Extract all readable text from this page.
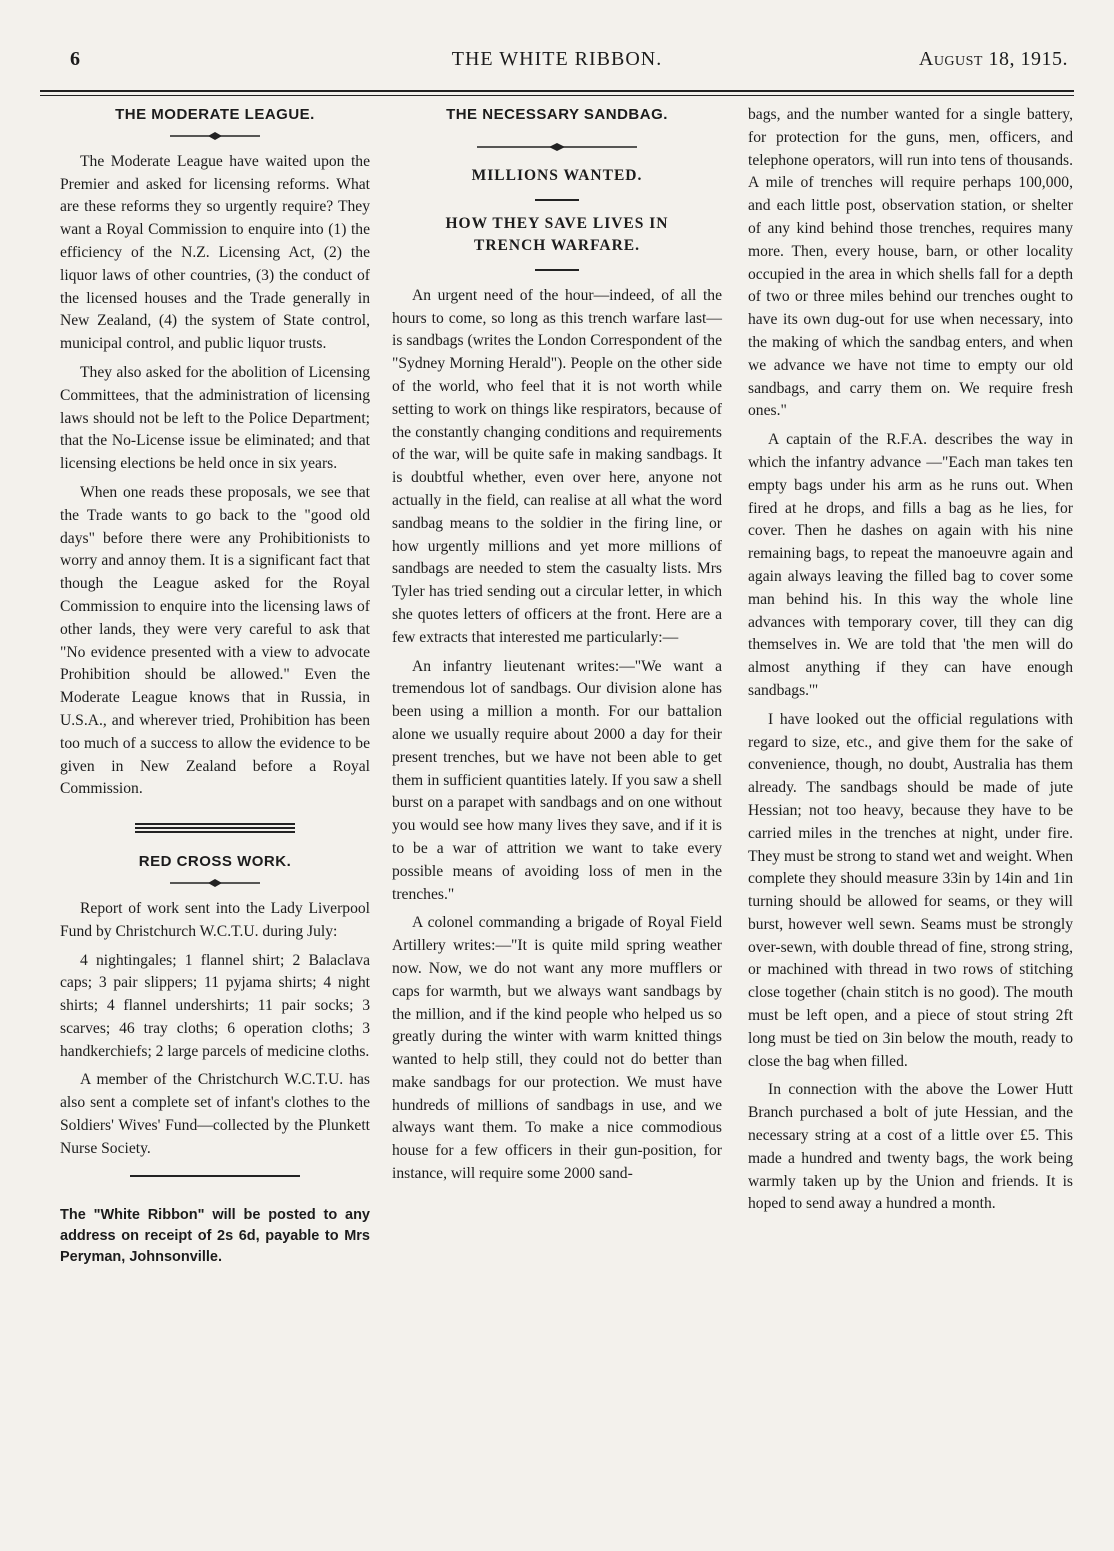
6	THE WHITE RIBBON.	August 18, 1915.
THE MODERATE LEAGUE.

The Moderate League have waited upon the Premier and asked for licensing reforms. What are these reforms they so urgently require? They want a Royal Commission to enquire into (1) the efficiency of the N.Z. Licensing Act, (2) the liquor laws of other countries, (3) the conduct of the licensed houses and the Trade generally in New Zealand, (4) the system of State control, municipal control, and public liquor trusts.

They also asked for the abolition of Licensing Committees, that the administration of licensing laws should not be left to the Police Department; that the No-License issue be eliminated; and that licensing elections be held once in six years.

When one reads these proposals, we see that the Trade wants to go back to the "good old days" before there were any Prohibitionists to worry and annoy them. It is a significant fact that though the League asked for the Royal Commission to enquire into the licensing laws of other lands, they were very careful to ask that "No evidence presented with a view to advocate Prohibition should be allowed." Even the Moderate League knows that in Russia, in U.S.A., and wherever tried, Prohibition has been too much of a success to allow the evidence to be given in New Zealand before a Royal Commission.

RED CROSS WORK.

Report of work sent into the Lady Liverpool Fund by Christchurch W.C.T.U. during July:

4 nightingales; 1 flannel shirt; 2 Balaclava caps; 3 pair slippers; 11 pyjama shirts; 4 night shirts; 4 flannel undershirts; 11 pair socks; 3 scarves; 46 tray cloths; 6 operation cloths; 3 handkerchiefs; 2 large parcels of medicine cloths.

A member of the Christchurch W.C.T.U. has also sent a complete set of infant's clothes to the Soldiers' Wives' Fund—collected by the Plunkett Nurse Society.

The "White Ribbon" will be posted to any address on receipt of 2s 6d, payable to Mrs Peryman, Johnsonville.

THE NECESSARY SANDBAG.
MILLIONS WANTED.
HOW THEY SAVE LIVES IN
TRENCH WARFARE.

An urgent need of the hour—indeed, of all the hours to come, so long as this trench warfare last—is sandbags (writes the London Correspondent of the "Sydney Morning Herald"). People on the other side of the world, who feel that it is not worth while setting to work on things like respirators, because of the constantly changing conditions and requirements of the war, will be quite safe in making sandbags. It is doubtful whether, even over here, anyone not actually in the field, can realise at all what the word sandbag means to the soldier in the firing line, or how urgently millions and yet more millions of sandbags are needed to stem the casualty lists. Mrs Tyler has tried sending out a circular letter, in which she quotes letters of officers at the front. Here are a few extracts that interested me particularly:—

An infantry lieutenant writes:—"We want a tremendous lot of sandbags. Our division alone has been using a million a month. For our battalion alone we usually require about 2000 a day for their present trenches, but we have not been able to get them in sufficient quantities lately. If you saw a shell burst on a parapet with sandbags and on one without you would see how many lives they save, and if it is to be a war of attrition we want to take every possible means of avoiding loss of men in the trenches."

A colonel commanding a brigade of Royal Field Artillery writes:—"It is quite mild spring weather now. Now, we do not want any more mufflers or caps for warmth, but we always want sandbags by the million, and if the kind people who helped us so greatly during the winter with warm knitted things wanted to help still, they could not do better than make sandbags for our protection. We must have hundreds of millions of sandbags in use, and we always want them. To make a nice commodious house for a few officers in their gun-position, for instance, will require some 2000 sand-

bags, and the number wanted for a single battery, for protection for the guns, men, officers, and telephone operators, will run into tens of thousands. A mile of trenches will require perhaps 100,000, and each little post, observation station, or shelter of any kind behind those trenches, requires many more. Then, every house, barn, or other locality occupied in the area in which shells fall for a depth of two or three miles behind our trenches ought to have its own dug-out for use when necessary, into the making of which the sandbag enters, and when we advance we have not time to empty our old sandbags, and carry them on. We require fresh ones."

A captain of the R.F.A. describes the way in which the infantry advance —"Each man takes ten empty bags under his arm as he runs out. When fired at he drops, and fills a bag as he lies, for cover. Then he dashes on again with his nine remaining bags, to repeat the manoeuvre again and again always leaving the filled bag to cover some man behind his. In this way the whole line advances with temporary cover, till they can dig themselves in. We are told that 'the men will do almost anything if they can have enough sandbags.'"

I have looked out the official regulations with regard to size, etc., and give them for the sake of convenience, though, no doubt, Australia has them already. The sandbags should be made of jute Hessian; not too heavy, because they have to be carried miles in the trenches at night, under fire. They must be strong to stand wet and weight. When complete they should measure 33in by 14in and 1in turning should be allowed for seams, or they will burst, however well sewn. Seams must be strongly over-sewn, with double thread of fine, strong string, or machined with thread in two rows of stitching close together (chain stitch is no good). The mouth must be left open, and a piece of stout string 2ft long must be tied on 3in below the mouth, ready to close the bag when filled.

In connection with the above the Lower Hutt Branch purchased a bolt of jute Hessian, and the necessary string at a cost of a little over £5. This made a hundred and twenty bags, the work being warmly taken up by the Union and friends. It is hoped to send away a hundred a month.
